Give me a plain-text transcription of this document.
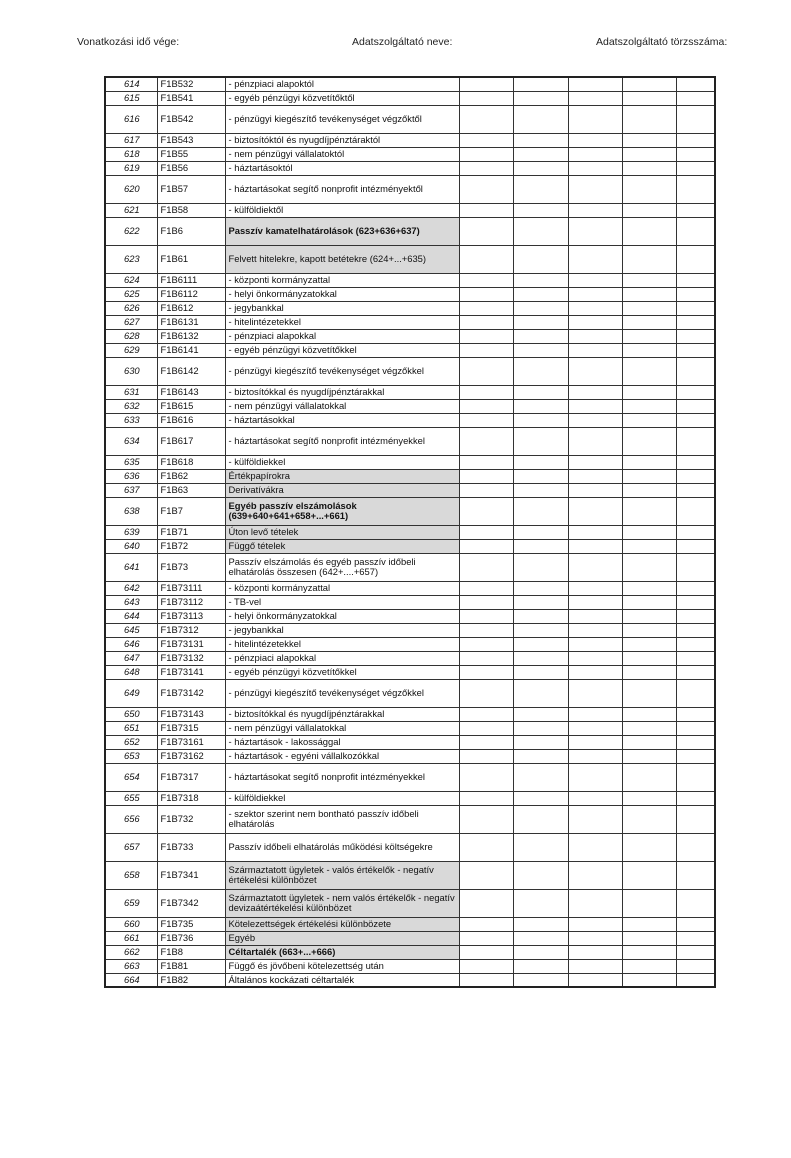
Vonatkozási idő vége:	Adatszolgáltató neve:	Adatszolgáltató törzsszáma:
614	F1B532	- pénzpiaci alapoktól					
615	F1B541	- egyéb pénzügyi közvetítőktől					
616	F1B542	- pénzügyi kiegészítő tevékenységet végzőktől					
617	F1B543	- biztosítóktól és nyugdíjpénztáraktól					
618	F1B55	- nem pénzügyi vállalatoktól					
619	F1B56	- háztartásoktól					
620	F1B57	- háztartásokat segítő nonprofit intézményektől					
621	F1B58	- külföldiektől					
622	F1B6	Passzív kamatelhatárolások (623+636+637)					
623	F1B61	Felvett hitelekre, kapott betétekre (624+...+635)					
624	F1B6111	- központi kormányzattal					
625	F1B6112	- helyi önkormányzatokkal					
626	F1B612	- jegybankkal					
627	F1B6131	- hitelintézetekkel					
628	F1B6132	- pénzpiaci alapokkal					
629	F1B6141	- egyéb pénzügyi közvetítőkkel					
630	F1B6142	- pénzügyi kiegészítő tevékenységet végzőkkel					
631	F1B6143	- biztosítókkal és nyugdíjpénztárakkal					
632	F1B615	- nem pénzügyi vállalatokkal					
633	F1B616	- háztartásokkal					
634	F1B617	- háztartásokat segítő nonprofit intézményekkel					
635	F1B618	- külföldiekkel					
636	F1B62	Értékpapírokra					
637	F1B63	Derivatívákra					
638	F1B7	Egyéb passzív elszámolások (639+640+641+658+...+661)					
639	F1B71	Úton levő tételek					
640	F1B72	Függő tételek					
641	F1B73	Passzív elszámolás és egyéb passzív időbeli elhatárolás összesen (642+....+657)					
642	F1B73111	- központi kormányzattal					
643	F1B73112	- TB-vel					
644	F1B73113	- helyi önkormányzatokkal					
645	F1B7312	- jegybankkal					
646	F1B73131	- hitelintézetekkel					
647	F1B73132	- pénzpiaci alapokkal					
648	F1B73141	- egyéb pénzügyi közvetítőkkel					
649	F1B73142	- pénzügyi kiegészítő tevékenységet végzőkkel					
650	F1B73143	- biztosítókkal és nyugdíjpénztárakkal					
651	F1B7315	- nem pénzügyi vállalatokkal					
652	F1B73161	- háztartások - lakossággal					
653	F1B73162	- háztartások - egyéni vállalkozókkal					
654	F1B7317	- háztartásokat segítő nonprofit intézményekkel					
655	F1B7318	- külföldiekkel					
656	F1B732	- szektor szerint nem bontható passzív időbeli elhatárolás					
657	F1B733	Passzív időbeli elhatárolás működési költségekre					
658	F1B7341	Származtatott ügyletek - valós értékelők - negatív értékelési különbözet					
659	F1B7342	Származtatott ügyletek - nem valós értékelők - negatív devizaátértékelési különbözet					
660	F1B735	Kötelezettségek értékelési különbözete					
661	F1B736	Egyéb					
662	F1B8	Céltartalék (663+...+666)					
663	F1B81	Függő és jövőbeni kötelezettség után					
664	F1B82	Általános kockázati céltartalék					
